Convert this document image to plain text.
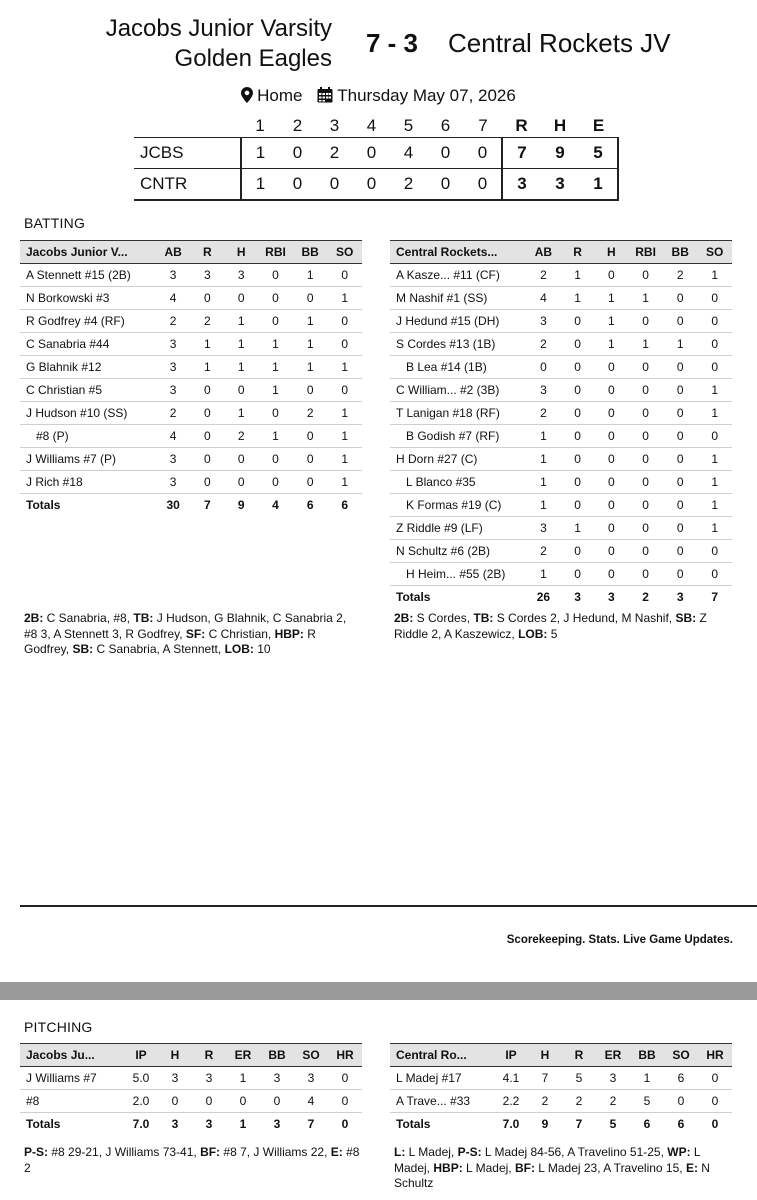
Jacobs Junior Varsity
Golden Eagles
7 - 3	Central Rockets JV
Home Thursday May 07, 2026
	1	2	3	4	5	6	7	R	H	E
JCBS	1	0	2	0	4	0	0	7	9	5
CNTR	1	0	0	0	2	0	0	3	3	1
BATTING
Jacobs Junior V...	AB	R	H	RBI	BB	SO
A Stennett #15 (2B)	3	3	3	0	1	0
N Borkowski #3	4	0	0	0	0	1
R Godfrey #4 (RF)	2	2	1	0	1	0
C Sanabria #44	3	1	1	1	1	0
G Blahnik #12	3	1	1	1	1	1
C Christian #5	3	0	0	1	0	0
J Hudson #10 (SS)	2	0	1	0	2	1
#8 (P)	4	0	2	1	0	1
J Williams #7 (P)	3	0	0	0	0	1
J Rich #18	3	0	0	0	0	1
Totals	30	7	9	4	6	6
Central Rockets...	AB	R	H	RBI	BB	SO
A Kasze... #11 (CF)	2	1	0	0	2	1
M Nashif #1 (SS)	4	1	1	1	0	0
J Hedund #15 (DH)	3	0	1	0	0	0
S Cordes #13 (1B)	2	0	1	1	1	0
B Lea #14 (1B)	0	0	0	0	0	0
C William... #2 (3B)	3	0	0	0	0	1
T Lanigan #18 (RF)	2	0	0	0	0	1
B Godish #7 (RF)	1	0	0	0	0	0
H Dorn #27 (C)	1	0	0	0	0	1
L Blanco #35	1	0	0	0	0	1
K Formas #19 (C)	1	0	0	0	0	1
Z Riddle #9 (LF)	3	1	0	0	0	1
N Schultz #6 (2B)	2	0	0	0	0	0
H Heim... #55 (2B)	1	0	0	0	0	0
Totals	26	3	3	2	3	7
2B: C Sanabria, #8, TB: J Hudson, G Blahnik, C Sanabria 2, #8 3, A Stennett 3, R Godfrey, SF: C Christian, HBP: R Godfrey, SB: C Sanabria, A Stennett, LOB: 10
2B: S Cordes, TB: S Cordes 2, J Hedund, M Nashif, SB: Z Riddle 2, A Kaszewicz, LOB: 5
Scorekeeping. Stats. Live Game Updates.
PITCHING
Jacobs Ju...	IP	H	R	ER	BB	SO	HR
J Williams #7	5.0	3	3	1	3	3	0
#8	2.0	0	0	0	0	4	0
Totals	7.0	3	3	1	3	7	0
Central Ro...	IP	H	R	ER	BB	SO	HR
L Madej #17	4.1	7	5	3	1	6	0
A Trave... #33	2.2	2	2	2	5	0	0
Totals	7.0	9	7	5	6	6	0
P-S: #8 29-21, J Williams 73-41, BF: #8 7, J Williams 22, E: #8 2
L: L Madej, P-S: L Madej 84-56, A Travelino 51-25, WP: L Madej, HBP: L Madej, BF: L Madej 23, A Travelino 15, E: N Schultz
